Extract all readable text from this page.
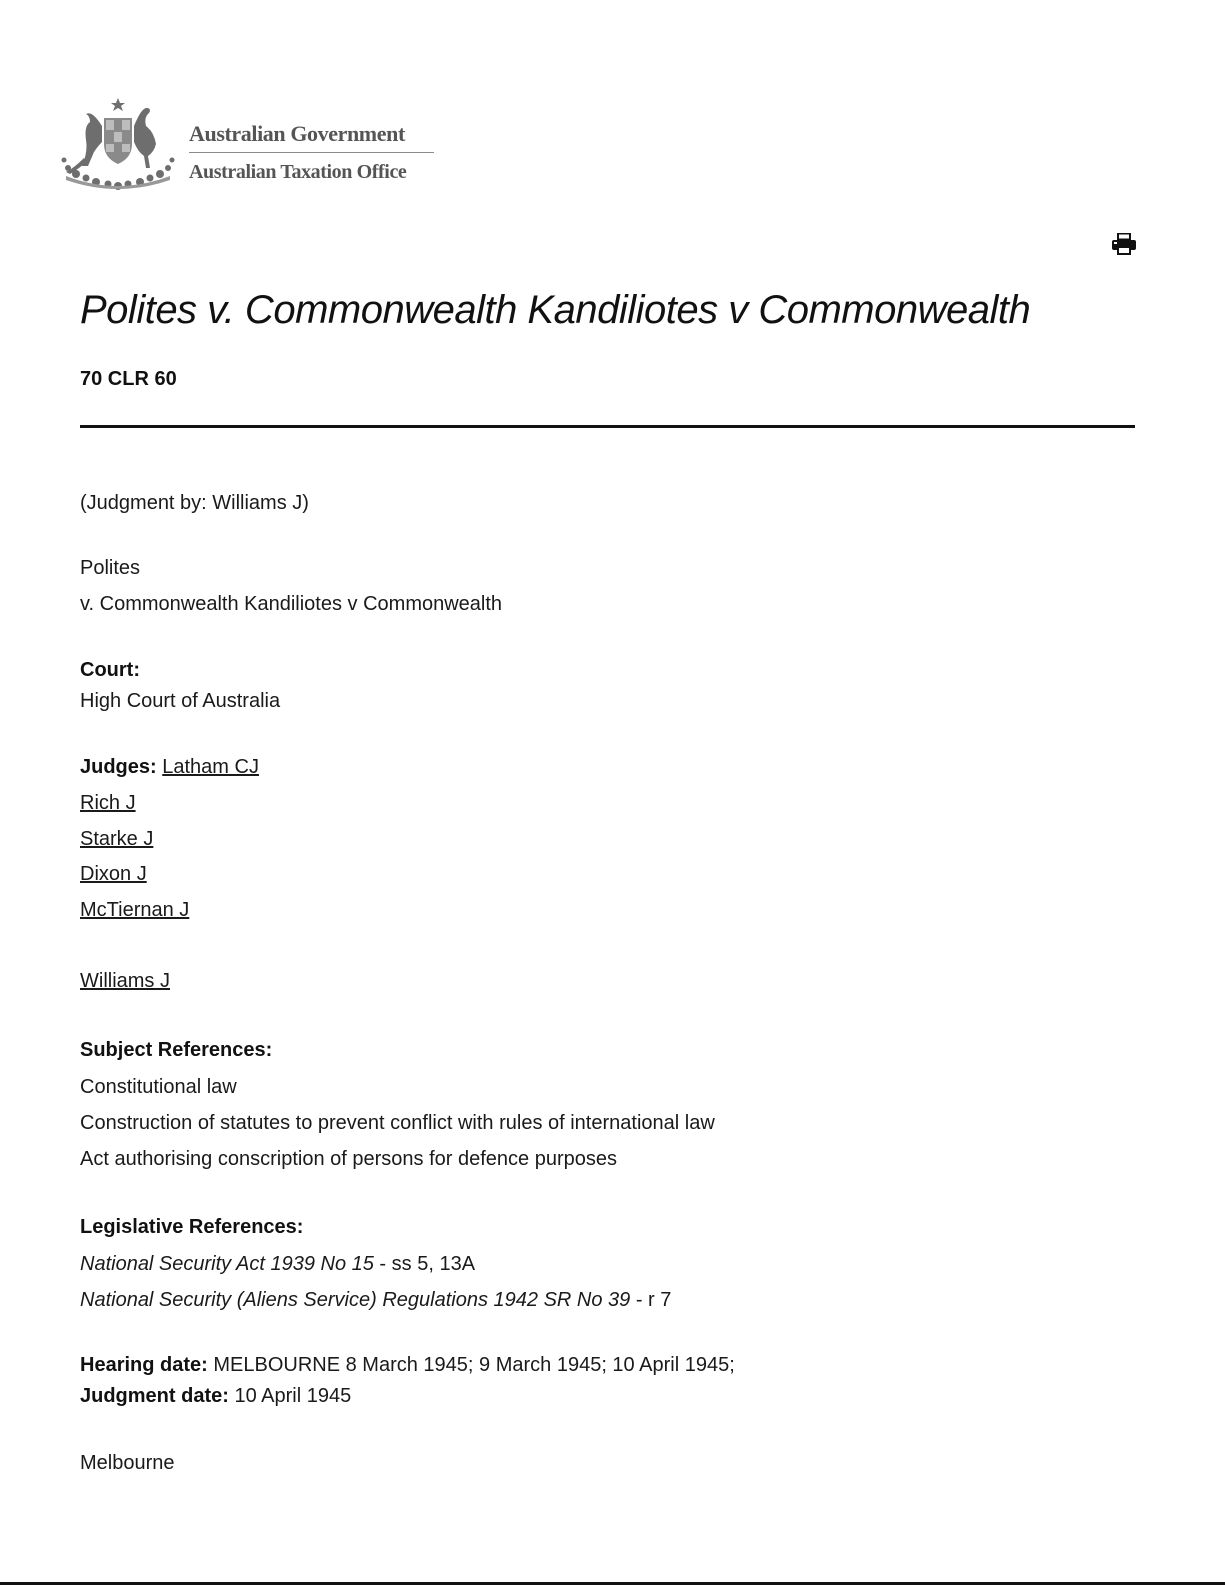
Australian Government
Australian Taxation Office
Polites v. Commonwealth Kandiliotes v Commonwealth
70 CLR 60
(Judgment by: Williams J)
Polites
v. Commonwealth Kandiliotes v Commonwealth
Court:
High Court of Australia
Judges: Latham CJ
Rich J
Starke J
Dixon J
McTiernan J
Williams J
Subject References:
Constitutional law
Construction of statutes to prevent conflict with rules of international law
Act authorising conscription of persons for defence purposes
Legislative References:
National Security Act 1939 No 15 - ss 5, 13A
National Security (Aliens Service) Regulations 1942 SR No 39 - r 7
Hearing date: MELBOURNE 8 March 1945; 9 March 1945; 10 April 1945;
Judgment date: 10 April 1945
Melbourne
